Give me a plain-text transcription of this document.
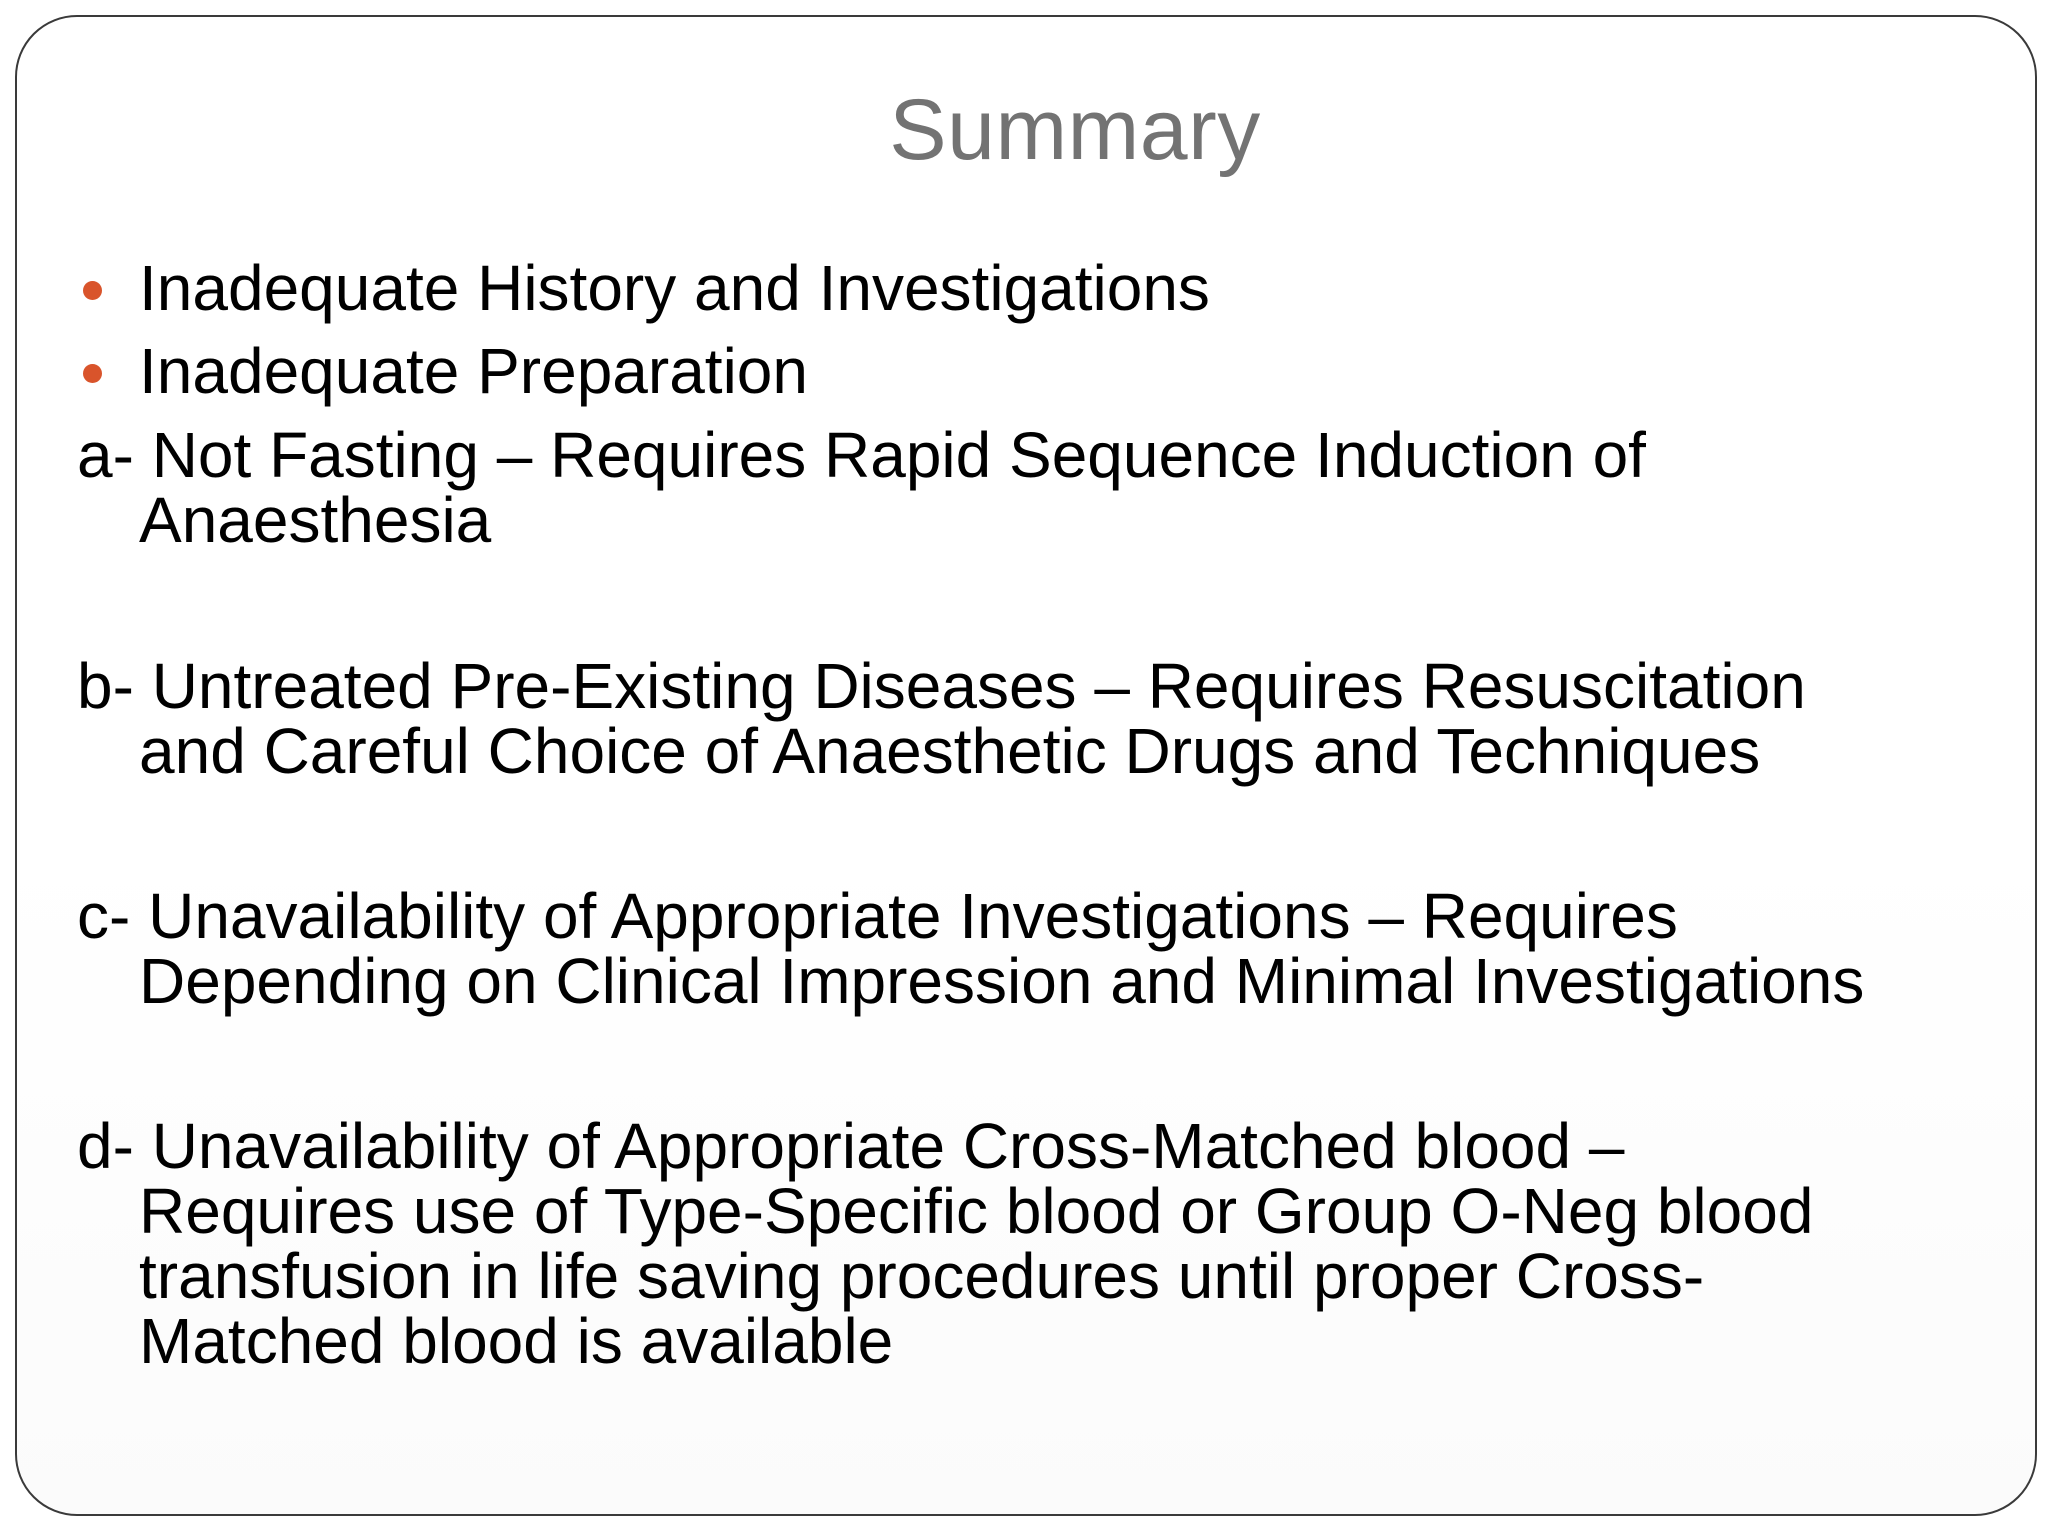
Summary
Inadequate History and Investigations
Inadequate Preparation
a- Not Fasting – Requires Rapid Sequence Induction of
Anaesthesia
b- Untreated Pre-Existing Diseases – Requires Resuscitation
and Careful Choice of Anaesthetic Drugs and Techniques
c- Unavailability of Appropriate Investigations – Requires
Depending on Clinical Impression and Minimal Investigations
d- Unavailability of Appropriate Cross-Matched blood –
Requires use of Type-Specific blood or Group O-Neg blood
transfusion in life saving procedures until proper Cross-
Matched blood is available
